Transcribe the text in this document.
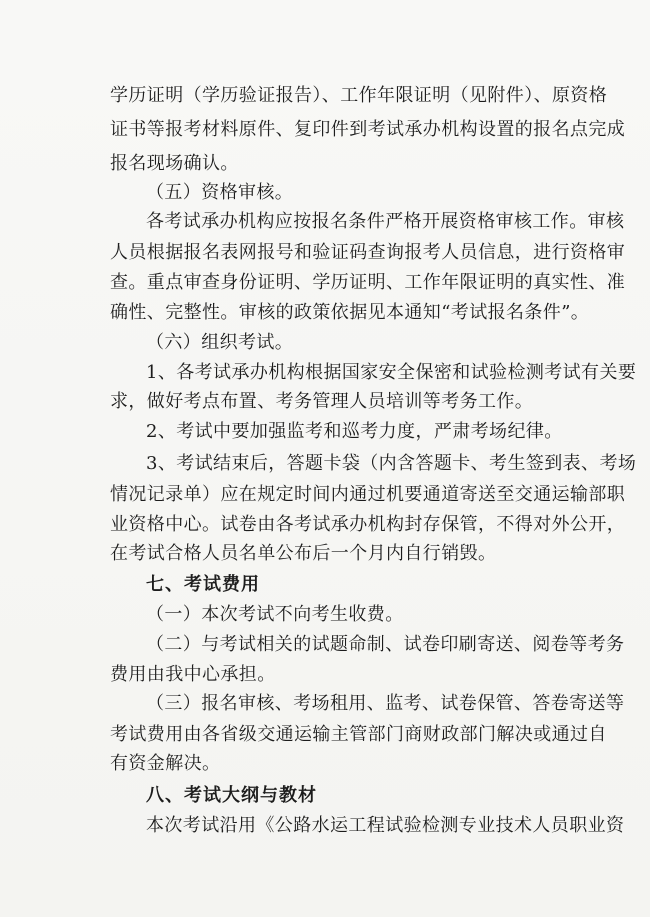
学历证明（学历验证报告）、工作年限证明（见附件）、原资格
证书等报考材料原件、复印件到考试承办机构设置的报名点完成
报名现场确认。
（五）资格审核。
各考试承办机构应按报名条件严格开展资格审核工作。审核
人员根据报名表网报号和验证码查询报考人员信息，进行资格审
查。重点审查身份证明、学历证明、工作年限证明的真实性、准
确性、完整性。审核的政策依据见本通知“考试报名条件”。
（六）组织考试。
1、各考试承办机构根据国家安全保密和试验检测考试有关要
求，做好考点布置、考务管理人员培训等考务工作。
2、考试中要加强监考和巡考力度，严肃考场纪律。
3、考试结束后，答题卡袋（内含答题卡、考生签到表、考场
情况记录单）应在规定时间内通过机要通道寄送至交通运输部职
业资格中心。试卷由各考试承办机构封存保管，不得对外公开，
在考试合格人员名单公布后一个月内自行销毁。
七、考试费用
（一）本次考试不向考生收费。
（二）与考试相关的试题命制、试卷印刷寄送、阅卷等考务
费用由我中心承担。
（三）报名审核、考场租用、监考、试卷保管、答卷寄送等
考试费用由各省级交通运输主管部门商财政部门解决或通过自
有资金解决。
八、考试大纲与教材
本次考试沿用《公路水运工程试验检测专业技术人员职业资
